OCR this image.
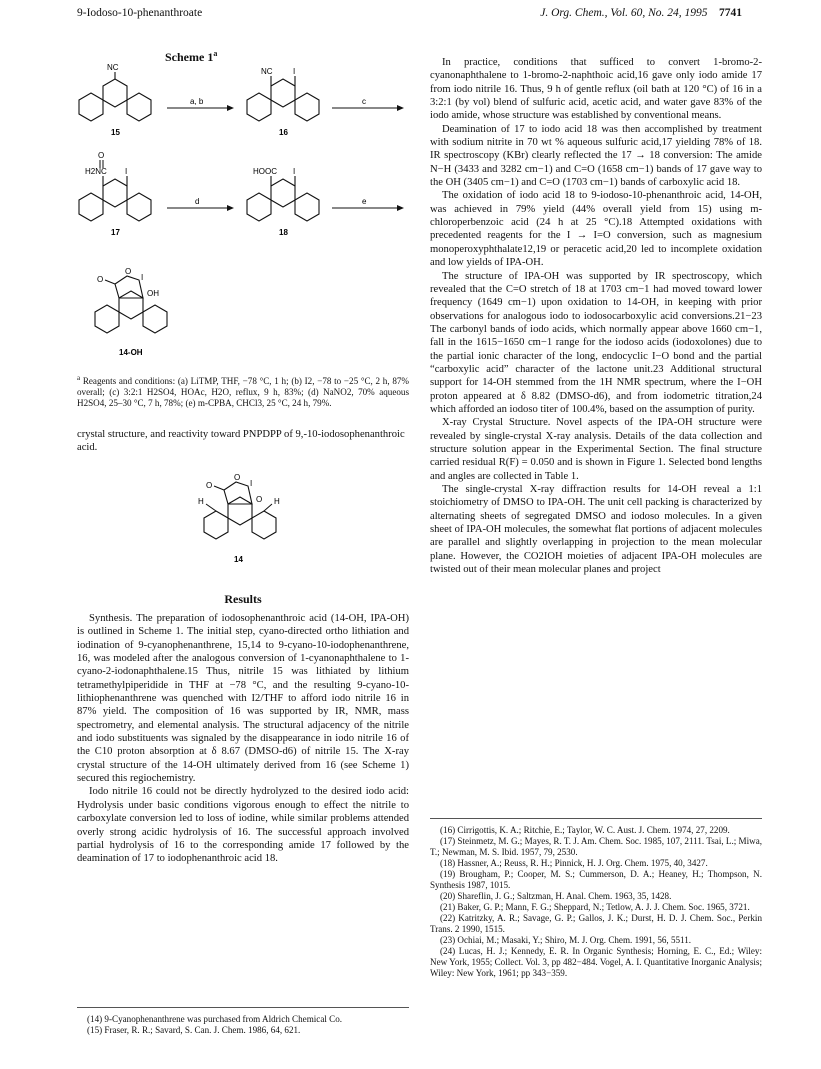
9-Iodoso-10-phenanthroate	J. Org. Chem., Vol. 60, No. 24, 1995 7741
Scheme 1$^a$
NC
15
a, b
NC	I
16
c
O
H2NC I
17
d
HOOC I
18
e
O
O
I
OH
14-OH
$^a$ Reagents and conditions: (a) LiTMP, THF, −78 °C, 1 h; (b) I2, −78 to −25 °C, 2 h, 87% overall; (c) 3:2:1 H2SO4, HOAc, H2O, reflux, 9 h, 83%; (d) NaNO2, 70% aqueous H2SO4, 25–30 °C, 7 h, 78%; (e) m-CPBA, CHCl3, 25 °C, 24 h, 79%.
crystal structure, and reactivity toward PNPDPP of 9,-10-iodosophenanthroic acid.
O
O
I
O
H	H
14
Results

Synthesis. The preparation of iodosophenanthroic acid (14-OH, IPA-OH) is outlined in Scheme 1. The initial step, cyano-directed ortho lithiation and iodination of 9-cyanophenanthrene, 15,14 to 9-cyano-10-iodophenanthrene, 16, was modeled after the analogous conversion of 1-cyanonaphthalene to 1-cyano-2-iodonaphthalene.15 Thus, nitrile 15 was lithiated by lithium tetramethylpiperidide in THF at −78 °C, and the resulting 9-cyano-10-lithiophenanthrene was quenched with I2/THF to afford iodo nitrile 16 in 87% yield. The composition of 16 was supported by IR, NMR, mass spectrometry, and elemental analysis. The structural adjacency of the nitrile and iodo substituents was signaled by the disappearance in iodo nitrile 16 of the C10 proton absorption at δ 8.67 (DMSO-d6) of nitrile 15. The X-ray crystal structure of the 14-OH ultimately derived from 16 (see Scheme 1) secured this regiochemistry.

Iodo nitrile 16 could not be directly hydrolyzed to the desired iodo acid: Hydrolysis under basic conditions vigorous enough to effect the nitrile to carboxylate conversion led to loss of iodine, while similar problems attended overly strong acidic hydrolysis of 16. The successful approach involved partial hydrolysis of 16 to the corresponding amide 17 followed by the deamination of 17 to iodophenanthroic acid 18.

(14) 9-Cyanophenanthrene was purchased from Aldrich Chemical Co.
(15) Fraser, R. R.; Savard, S. Can. J. Chem. 1986, 64, 621.

In practice, conditions that sufficed to convert 1-bromo-2-cyanonaphthalene to 1-bromo-2-naphthoic acid,16 gave only iodo amide 17 from iodo nitrile 16. Thus, 9 h of gentle reflux (oil bath at 120 °C) of 16 in a 3:2:1 (by vol) blend of sulfuric acid, acetic acid, and water gave 83% of the iodo amide, whose structure was established by conventional means.

Deamination of 17 to iodo acid 18 was then accomplished by treatment with sodium nitrite in 70 wt % aqueous sulfuric acid,17 yielding 78% of 18. IR spectroscopy (KBr) clearly reflected the 17 → 18 conversion: The amide N−H (3433 and 3282 cm−1) and C=O (1658 cm−1) bands of 17 gave way to the OH (3405 cm−1) and C=O (1703 cm−1) bands of carboxylic acid 18.

The oxidation of iodo acid 18 to 9-iodoso-10-phenanthroic acid, 14-OH, was achieved in 79% yield (44% overall yield from 15) using m-chloroperbenzoic acid (24 h at 25 °C).18 Attempted oxidations with precedented reagents for the I → I=O conversion, such as magnesium monoperoxyphthalate12,19 or peracetic acid,20 led to incomplete oxidation and low yields of IPA-OH.

The structure of IPA-OH was supported by IR spectroscopy, which revealed that the C=O stretch of 18 at 1703 cm−1 had moved toward lower frequency (1649 cm−1) upon oxidation to 14-OH, in keeping with prior observations for analogous iodo to iodosocarboxylic acid conversions.21−23 The carbonyl bands of iodo acids, which normally appear above 1660 cm−1, fall in the 1615−1650 cm−1 range for the iodoso acids (iodoxolones) due to the partial ionic character of the long, endocyclic I−O bond and the partial “carboxylic acid” character of the lactone unit.23 Additional structural support for 14-OH stemmed from the 1H NMR spectrum, where the I−OH proton appeared at δ 8.82 (DMSO-d6), and from iodometric titration,24 which afforded an iodoso titer of 100.4%, based on the assumption of purity.

X-ray Crystal Structure. Novel aspects of the IPA-OH structure were revealed by single-crystal X-ray analysis. Details of the data collection and structure solution appear in the Experimental Section. The final structure carried residual R(F) = 0.050 and is shown in Figure 1. Selected bond lengths and angles are collected in Table 1.

The single-crystal X-ray diffraction results for 14-OH reveal a 1:1 stoichiometry of DMSO to IPA-OH. The unit cell packing is characterized by alternating sheets of segregated DMSO and iodoso molecules. In a given sheet of IPA-OH molecules, the somewhat flat portions of adjacent molecules are parallel and slightly overlapping in projection to the mean molecular plane. However, the CO2IOH moieties of adjacent IPA-OH molecules are twisted out of their mean molecular planes and project

(16) Cirrigottis, K. A.; Ritchie, E.; Taylor, W. C. Aust. J. Chem. 1974, 27, 2209.
(17) Steinmetz, M. G.; Mayes, R. T. J. Am. Chem. Soc. 1985, 107, 2111. Tsai, L.; Miwa, T.; Newman, M. S. Ibid. 1957, 79, 2530.
(18) Hassner, A.; Reuss, R. H.; Pinnick, H. J. Org. Chem. 1975, 40, 3427.
(19) Brougham, P.; Cooper, M. S.; Cummerson, D. A.; Heaney, H.; Thompson, N. Synthesis 1987, 1015.
(20) Shareflin, J. G.; Saltzman, H. Anal. Chem. 1963, 35, 1428.
(21) Baker, G. P.; Mann, F. G.; Sheppard, N.; Tetlow, A. J. J. Chem. Soc. 1965, 3721.
(22) Katritzky, A. R.; Savage, G. P.; Gallos, J. K.; Durst, H. D. J. Chem. Soc., Perkin Trans. 2 1990, 1515.
(23) Ochiai, M.; Masaki, Y.; Shiro, M. J. Org. Chem. 1991, 56, 5511.
(24) Lucas, H. J.; Kennedy, E. R. In Organic Synthesis; Horning, E. C., Ed.; Wiley: New York, 1955; Collect. Vol. 3, pp 482−484. Vogel, A. I. Quantitative Inorganic Analysis; Wiley: New York, 1961; pp 343−359.
